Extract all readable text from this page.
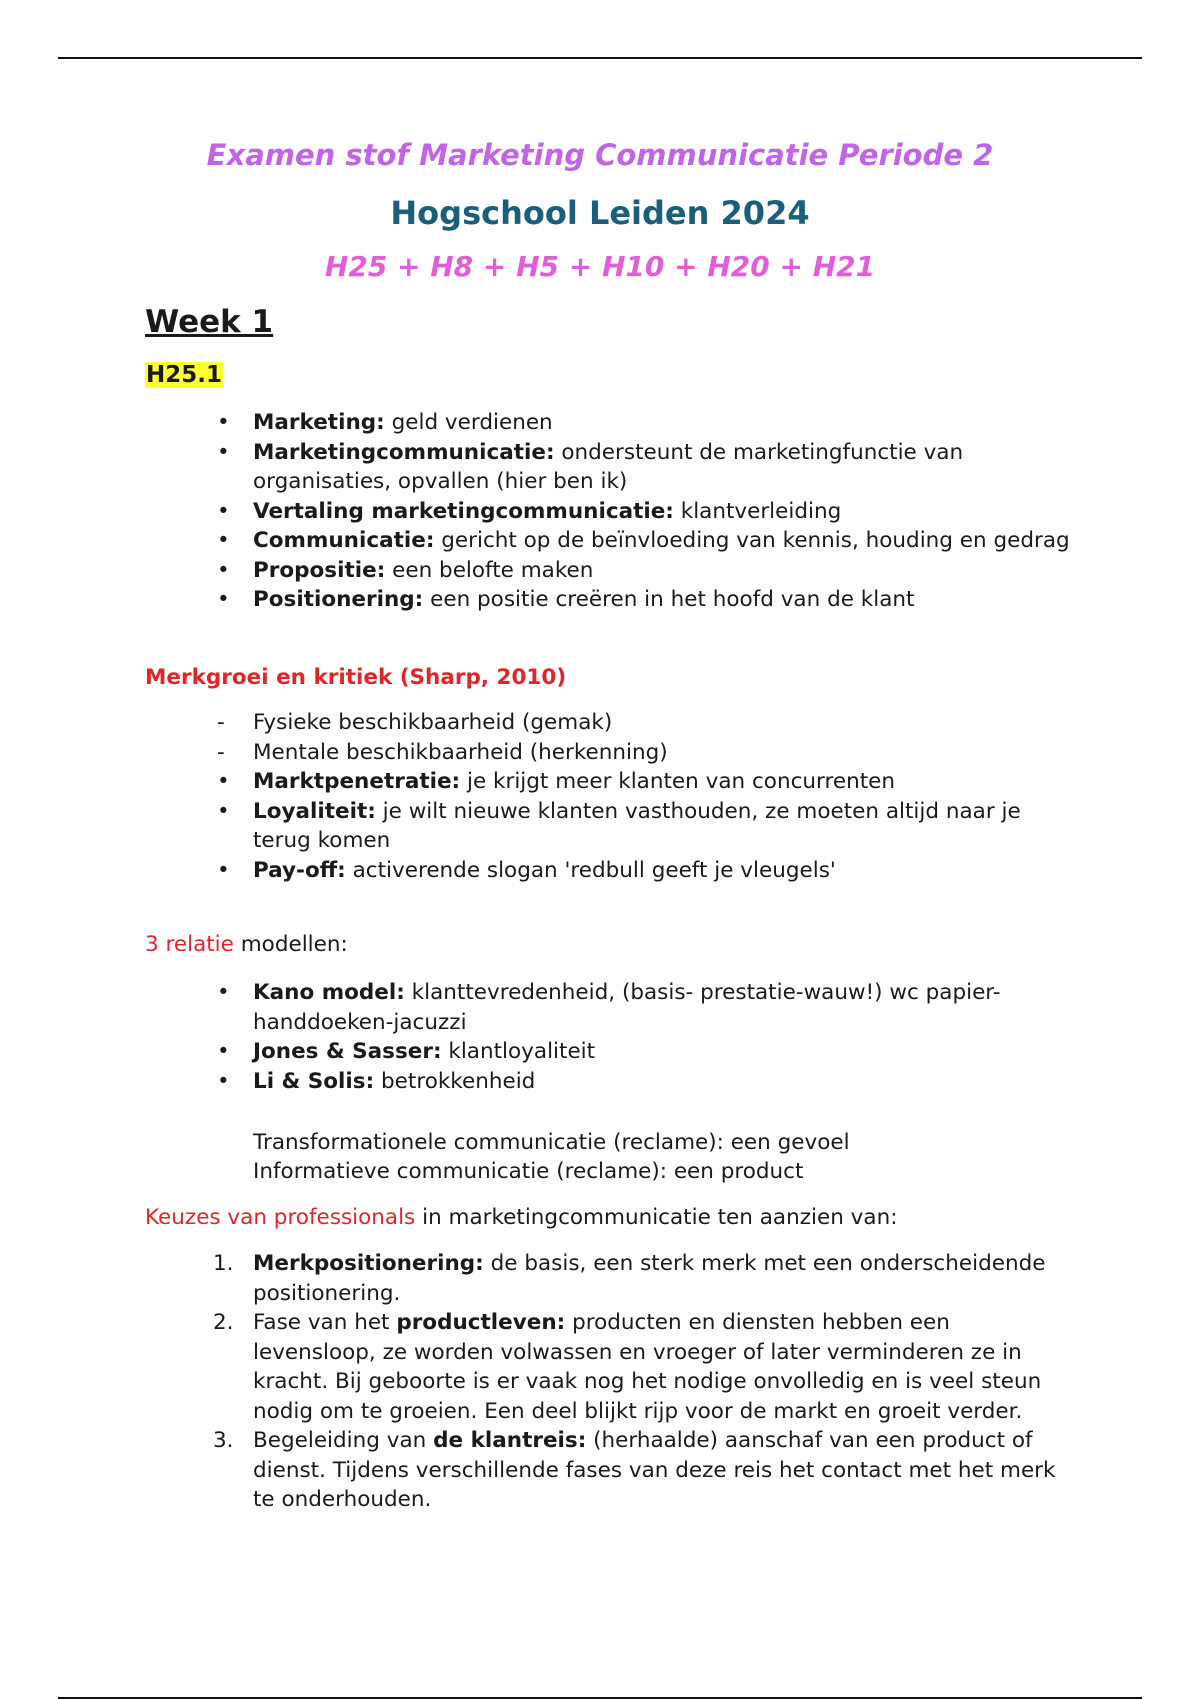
Examen stof Marketing Communicatie Periode 2
Hogschool Leiden 2024
H25 + H8 + H5 + H10 + H20 + H21
Week 1
H25.1
•	Marketing: geld verdienen
•	Marketingcommunicatie: ondersteunt de marketingfunctie van organisaties, opvallen (hier ben ik)
•	Vertaling marketingcommunicatie: klantverleiding
•	Communicatie: gericht op de beïnvloeding van kennis, houding en gedrag
•	Propositie: een belofte maken
•	Positionering: een positie creëren in het hoofd van de klant
Merkgroei en kritiek (Sharp, 2010)
-	Fysieke beschikbaarheid (gemak)
-	Mentale beschikbaarheid (herkenning)
•	Marktpenetratie: je krijgt meer klanten van concurrenten
•	Loyaliteit: je wilt nieuwe klanten vasthouden, ze moeten altijd naar je terug komen
•	Pay-off: activerende slogan 'redbull geeft je vleugels'

3 relatie modellen:

•	Kano model: klanttevredenheid, (basis- prestatie-wauw!) wc papier-handdoeken-jacuzzi
•	Jones & Sasser: klantloyaliteit
•	Li & Solis: betrokkenheid

Transformationele communicatie (reclame): een gevoel

Informatieve communicatie (reclame): een product

Keuzes van professionals in marketingcommunicatie ten aanzien van:

1. Merkpositionering: de basis, een sterk merk met een onderscheidende positionering.
2. Fase van het productleven: producten en diensten hebben een levensloop, ze worden volwassen en vroeger of later verminderen ze in kracht. Bij geboorte is er vaak nog het nodige onvolledig en is veel steun nodig om te groeien. Een deel blijkt rijp voor de markt en groeit verder.
3. Begeleiding van de klantreis: (herhaalde) aanschaf van een product of dienst. Tijdens verschillende fases van deze reis het contact met het merk te onderhouden.
